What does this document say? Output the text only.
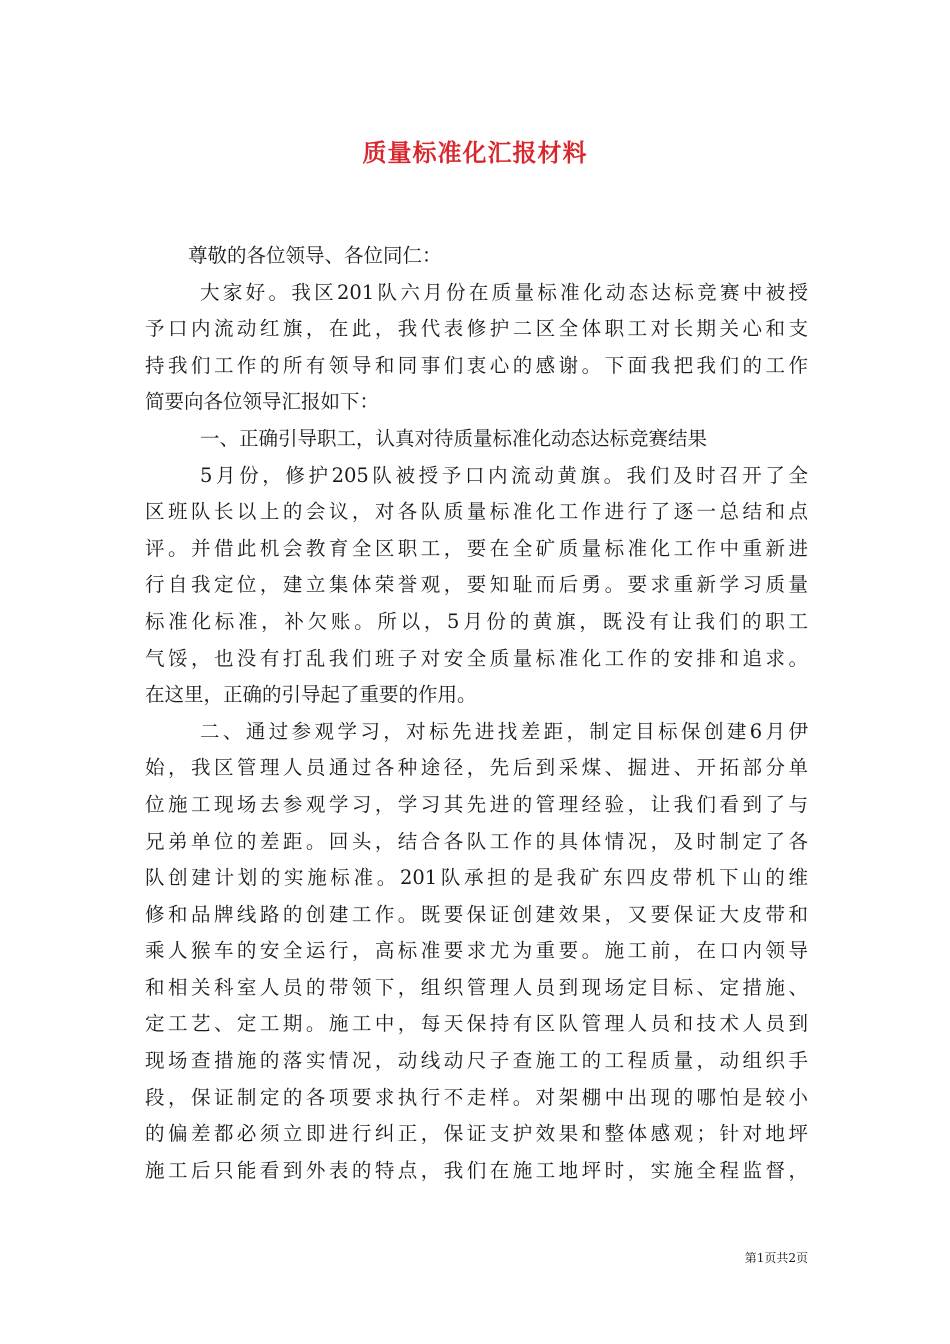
质量标准化汇报材料
尊敬的各位领导、各位同仁：
大家好。我区201队六月份在质量标准化动态达标竞赛中被授
予口内流动红旗，在此，我代表修护二区全体职工对长期关心和支
持我们工作的所有领导和同事们衷心的感谢。下面我把我们的工作
简要向各位领导汇报如下：
一、正确引导职工，认真对待质量标准化动态达标竞赛结果
5月份，修护205队被授予口内流动黄旗。我们及时召开了全
区班队长以上的会议，对各队质量标准化工作进行了逐一总结和点
评。并借此机会教育全区职工，要在全矿质量标准化工作中重新进
行自我定位，建立集体荣誉观，要知耻而后勇。要求重新学习质量
标准化标准，补欠账。所以，5月份的黄旗，既没有让我们的职工
气馁，也没有打乱我们班子对安全质量标准化工作的安排和追求。
在这里，正确的引导起了重要的作用。
二、通过参观学习，对标先进找差距，制定目标保创建6月伊
始，我区管理人员通过各种途径，先后到采煤、掘进、开拓部分单
位施工现场去参观学习，学习其先进的管理经验，让我们看到了与
兄弟单位的差距。回头，结合各队工作的具体情况，及时制定了各
队创建计划的实施标准。201队承担的是我矿东四皮带机下山的维
修和品牌线路的创建工作。既要保证创建效果，又要保证大皮带和
乘人猴车的安全运行，高标准要求尤为重要。施工前，在口内领导
和相关科室人员的带领下，组织管理人员到现场定目标、定措施、
定工艺、定工期。施工中，每天保持有区队管理人员和技术人员到
现场查措施的落实情况，动线动尺子查施工的工程质量，动组织手
段，保证制定的各项要求执行不走样。对架棚中出现的哪怕是较小
的偏差都必须立即进行纠正，保证支护效果和整体感观；针对地坪
施工后只能看到外表的特点，我们在施工地坪时，实施全程监督，
第1页共2页
